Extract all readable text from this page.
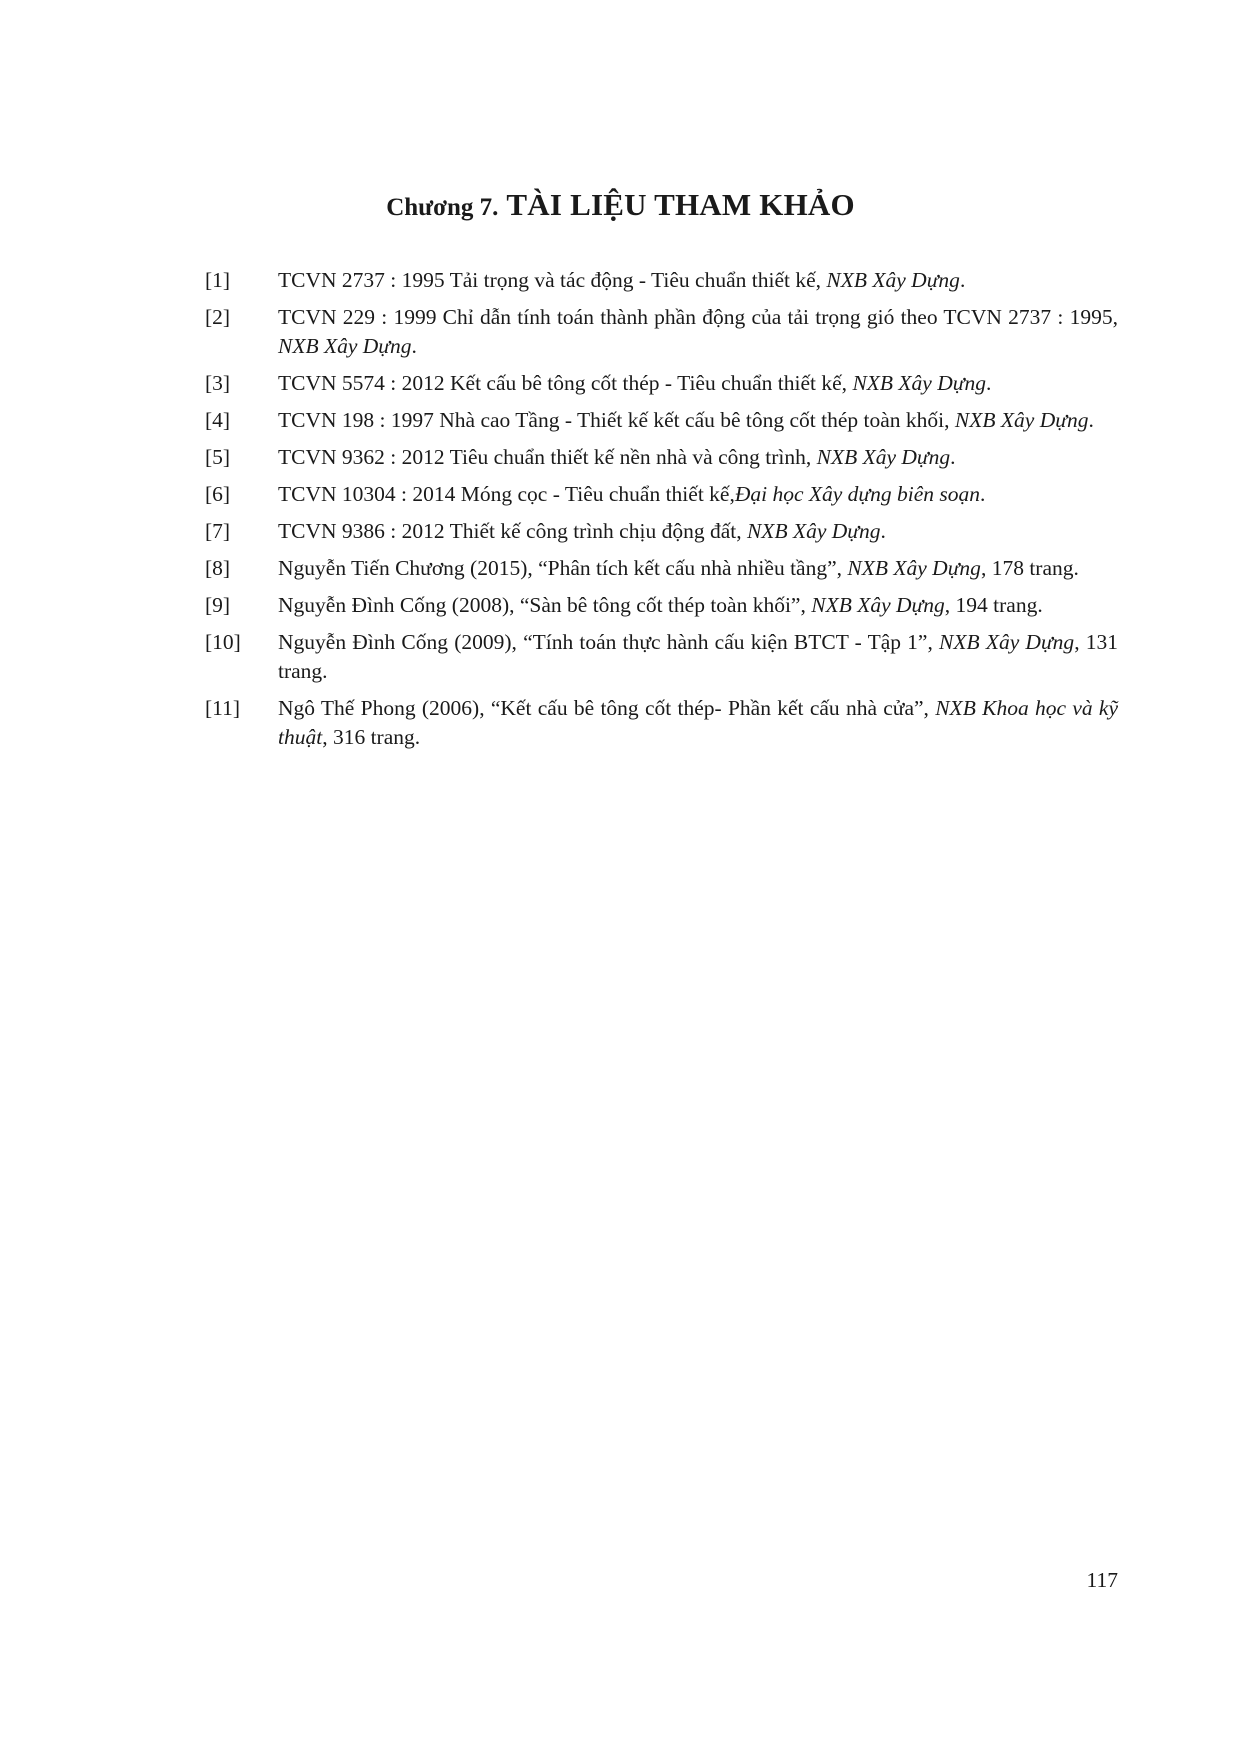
Chương 7. TÀI LIỆU THAM KHẢO
[1] TCVN 2737 : 1995 Tải trọng và tác động - Tiêu chuẩn thiết kế, NXB Xây Dựng.
[2] TCVN 229 : 1999 Chỉ dẫn tính toán thành phần động của tải trọng gió theo TCVN 2737 : 1995, NXB Xây Dựng.
[3] TCVN 5574 : 2012 Kết cấu bê tông cốt thép - Tiêu chuẩn thiết kế, NXB Xây Dựng.
[4] TCVN 198 : 1997 Nhà cao Tầng - Thiết kế kết cấu bê tông cốt thép toàn khối, NXB Xây Dựng.
[5] TCVN 9362 : 2012 Tiêu chuẩn thiết kế nền nhà và công trình, NXB Xây Dựng.
[6] TCVN 10304 : 2014 Móng cọc - Tiêu chuẩn thiết kế,Đại học Xây dựng biên soạn.
[7] TCVN 9386 : 2012 Thiết kế công trình chịu động đất, NXB Xây Dựng.
[8] Nguyễn Tiến Chương (2015), “Phân tích kết cấu nhà nhiều tầng”, NXB Xây Dựng, 178 trang.
[9] Nguyễn Đình Cống (2008), “Sàn bê tông cốt thép toàn khối”, NXB Xây Dựng, 194 trang.
[10] Nguyễn Đình Cống (2009), “Tính toán thực hành cấu kiện BTCT - Tập 1”, NXB Xây Dựng, 131 trang.
[11] Ngô Thế Phong (2006), “Kết cấu bê tông cốt thép- Phần kết cấu nhà cửa”, NXB Khoa học và kỹ thuật, 316 trang.
117
